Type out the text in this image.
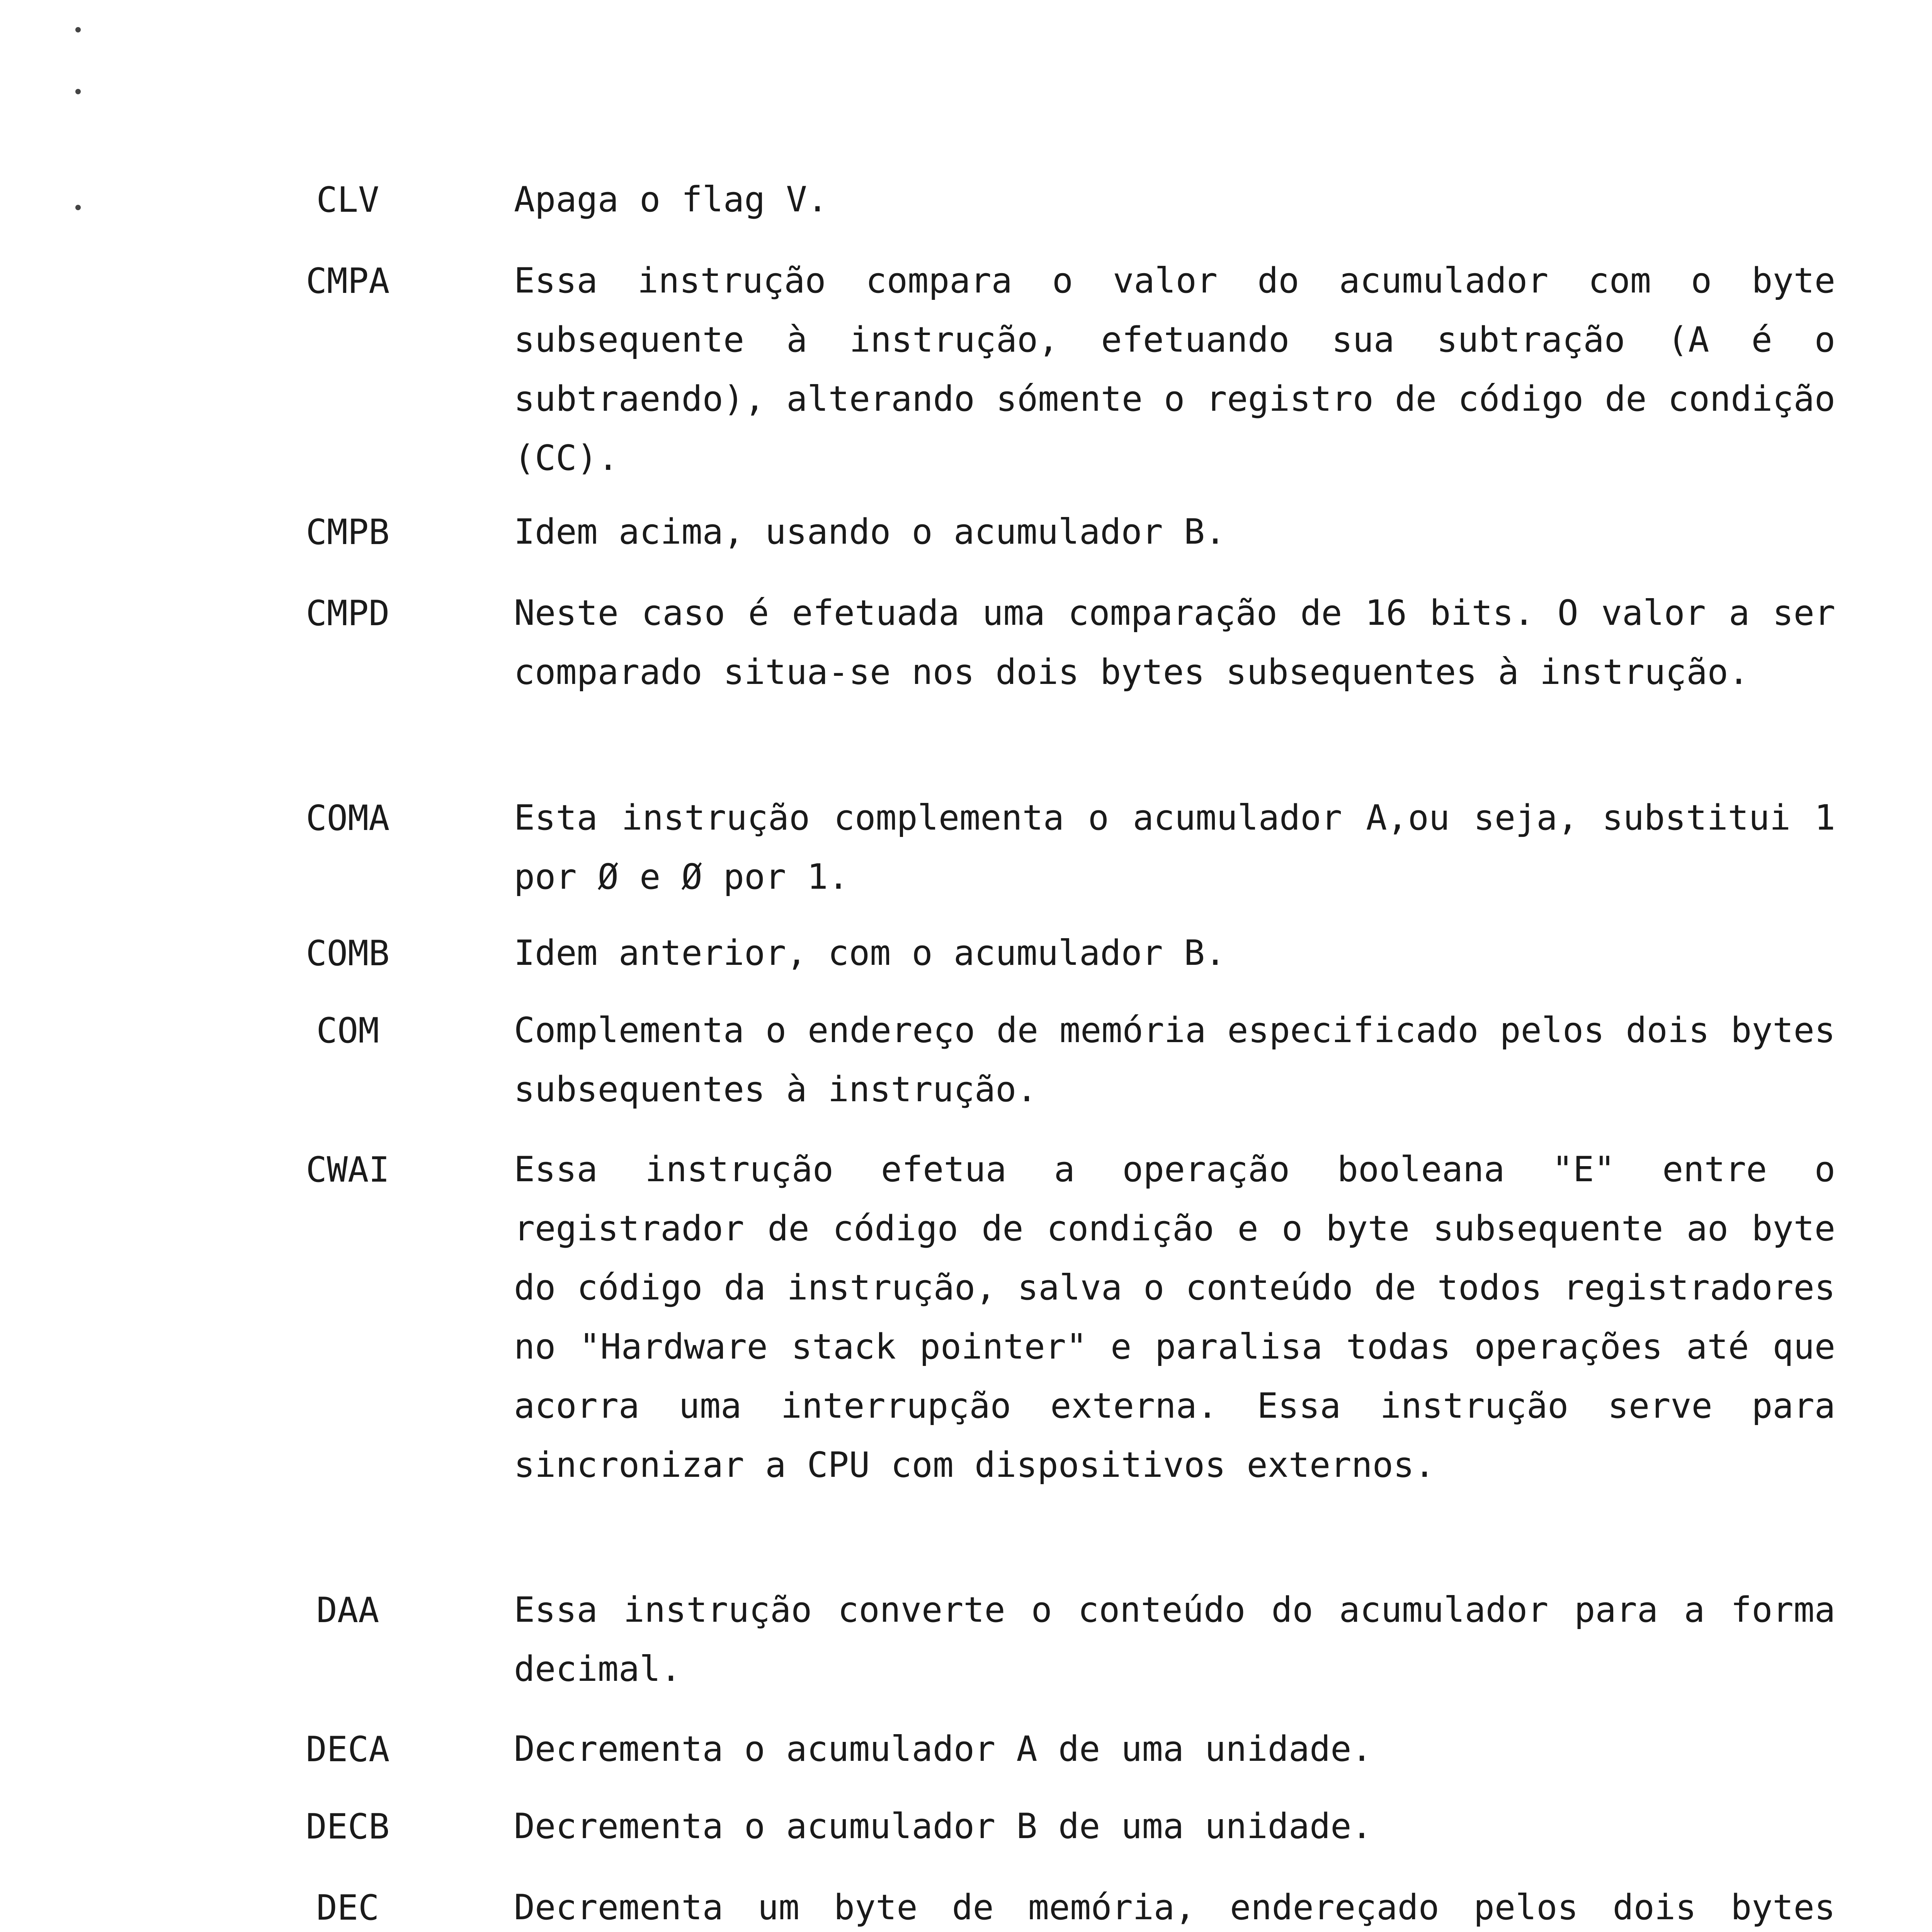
CLV	Apaga o flag V.
CMPA	Essa instrução compara o valor do acumulador com o byte subsequente à instrução, efetuando sua subtração (A é o subtraendo), alterando sómente o registro de código de condição (CC).
CMPB	Idem acima, usando o acumulador B.
CMPD	Neste caso é efetuada uma comparação de 16 bits. O valor a ser comparado situa-se nos dois bytes subsequentes à instrução.
COMA	Esta instrução complementa o acumulador A,ou seja, substitui 1 por Ø e Ø por 1.
COMB	Idem anterior, com o acumulador B.
COM	Complementa o endereço de memória especificado pelos dois bytes subsequentes à instrução.
CWAI	Essa instrução efetua a operação booleana "E" entre o registrador de código de condição e o byte subsequente ao byte do código da instrução, salva o conteúdo de todos registradores no "Hardware stack pointer" e paralisa todas operações até que acorra uma interrupção externa. Essa instrução serve para sincronizar a CPU com dispositivos externos.
DAA	Essa instrução converte o conteúdo do acumulador para a forma decimal.
DECA	Decrementa o acumulador A de uma unidade.
DECB	Decrementa o acumulador B de uma unidade.
DEC	Decrementa um byte de memória, endereçado pelos dois bytes
